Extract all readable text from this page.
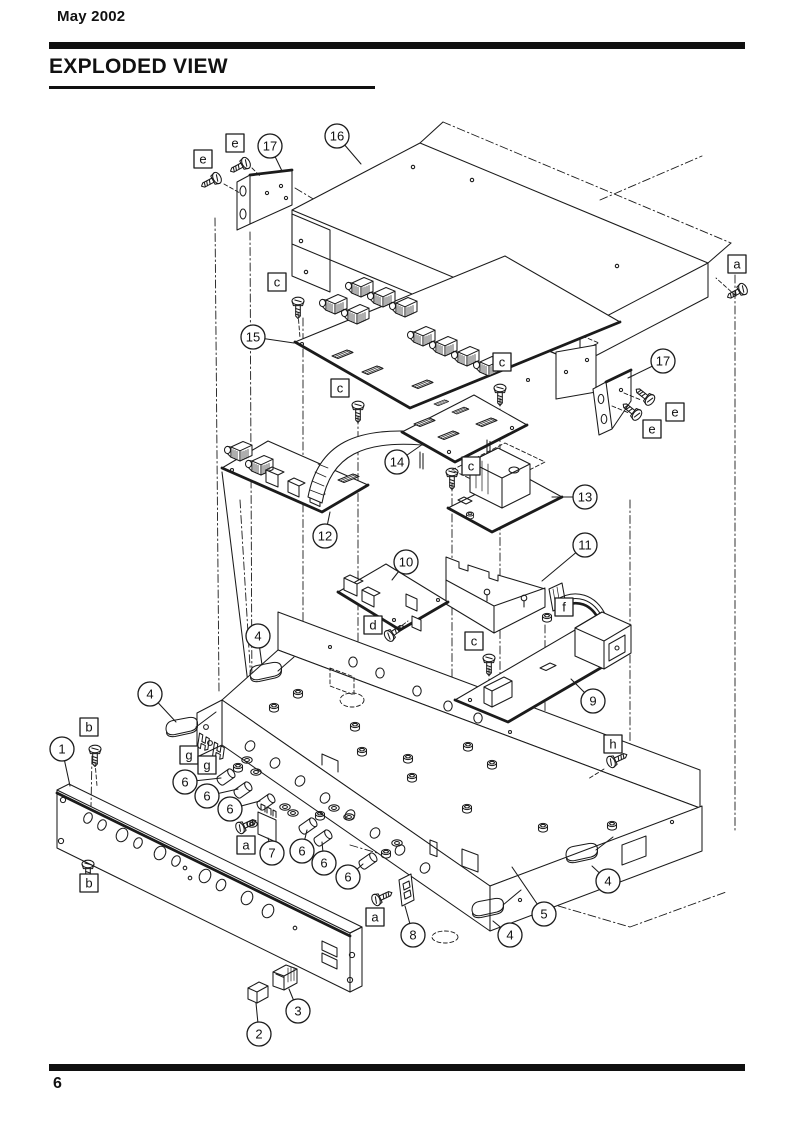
May 2002
EXPLODED VIEW
1
2
3
4
4
4
4
5
6
6
6
6
6
6
7
8
9
10
11
12
13
14
15
16
17
17
a
a
a
b
b
c
c
c
c
c
d
e
e
e
e
f
g
g
h
6
